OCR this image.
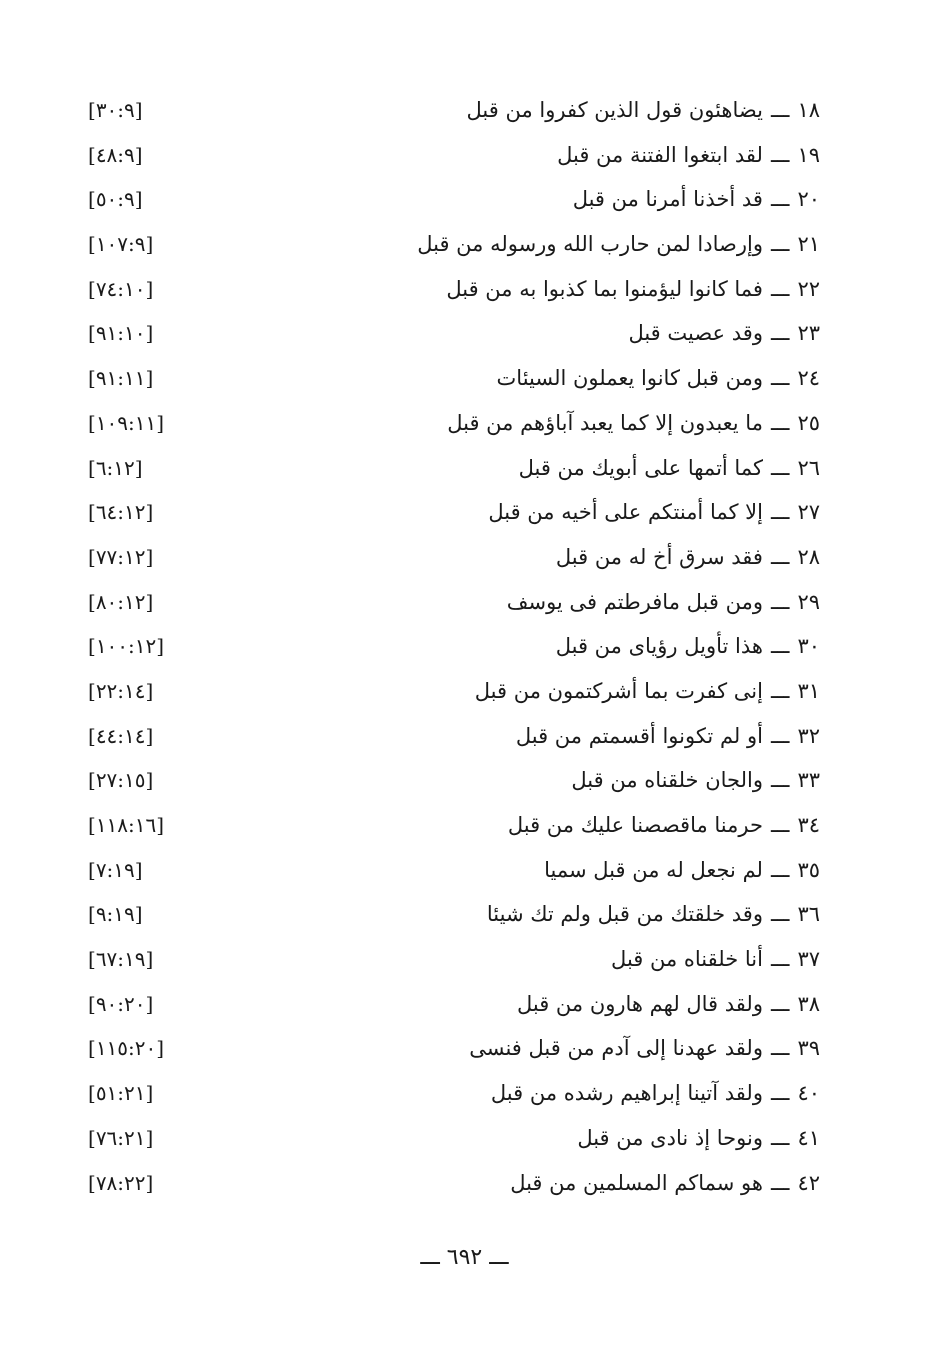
١٨ـــيضاهئون قول الذين كفروا من قبل
[٣٠:٩]
١٩ـــلقد ابتغوا الفتنة من قبل
[٤٨:٩]
٢٠ـــقد أخذنا أمرنا من قبل
[٥٠:٩]
٢١ـــوإرصادا لمن حارب الله ورسوله من قبل
[١٠٧:٩]
٢٢ـــفما كانوا ليؤمنوا بما كذبوا به من قبل
[٧٤:١٠]
٢٣ـــوقد عصيت قبل
[٩١:١٠]
٢٤ـــومن قبل كانوا يعملون السيئات
[٩١:١١]
٢٥ـــما يعبدون إلا كما يعبد آباؤهم من قبل
[١٠٩:١١]
٢٦ـــكما أتمها على أبويك من قبل
[٦:١٢]
٢٧ـــإلا كما أمنتكم على أخيه من قبل
[٦٤:١٢]
٢٨ـــفقد سرق أخ له من قبل
[٧٧:١٢]
٢٩ـــومن قبل مافرطتم فى يوسف
[٨٠:١٢]
٣٠ـــهذا تأويل رؤياى من قبل
[١٠٠:١٢]
٣١ـــإنى كفرت بما أشركتمون من قبل
[٢٢:١٤]
٣٢ـــأو لم تكونوا أقسمتم من قبل
[٤٤:١٤]
٣٣ـــوالجان خلقناه من قبل
[٢٧:١٥]
٣٤ـــحرمنا ماقصصنا عليك من قبل
[١١٨:١٦]
٣٥ـــلم نجعل له من قبل سميا
[٧:١٩]
٣٦ـــوقد خلقتك من قبل ولم تك شيئا
[٩:١٩]
٣٧ـــأنا خلقناه من قبل
[٦٧:١٩]
٣٨ـــولقد قال لهم هارون من قبل
[٩٠:٢٠]
٣٩ـــولقد عهدنا إلى آدم من قبل فنسى
[١١٥:٢٠]
٤٠ـــولقد آتينا إبراهيم رشده من قبل
[٥١:٢١]
٤١ـــونوحا إذ نادى من قبل
[٧٦:٢١]
٤٢ـــهو سماكم المسلمين من قبل
[٧٨:٢٢]
ـــ ٦٩٢ ـــ
